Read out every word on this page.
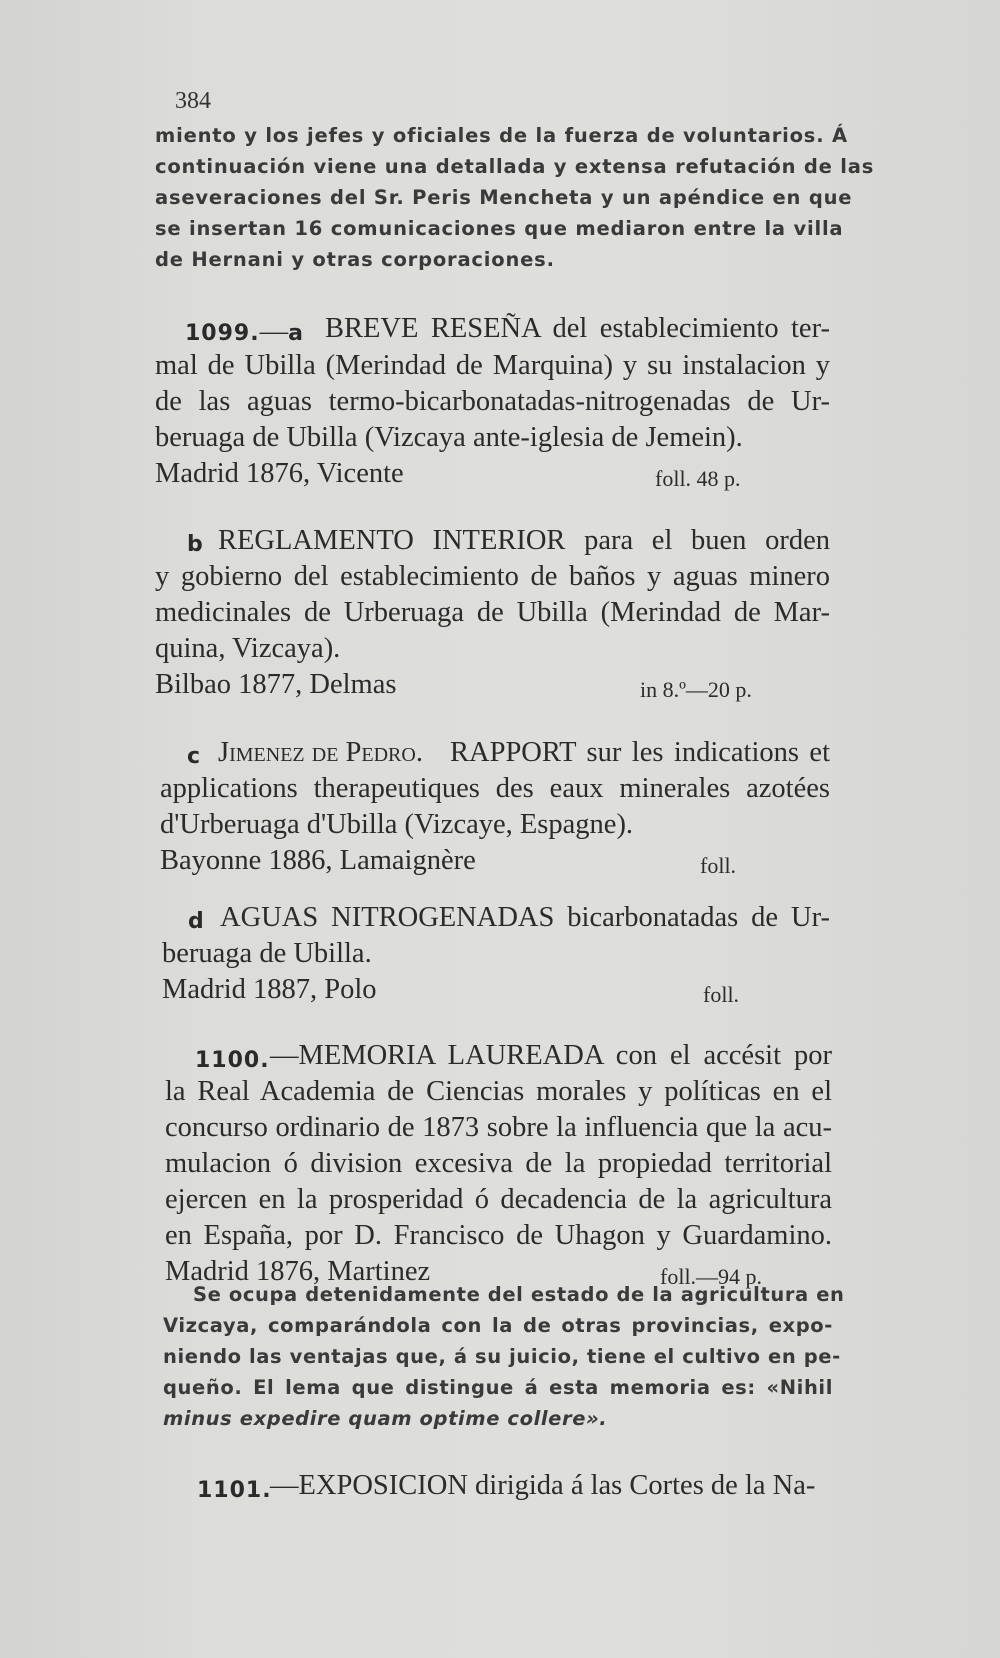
384
miento y los jefes y oficiales de la fuerza de voluntarios. Á
continuación viene una detallada y extensa refutación de las
aseveraciones del Sr. Peris Mencheta y un apéndice en que
se insertan 16 comunicaciones que mediaron entre la villa
de Hernani y otras corporaciones.
1099.—a BREVE RESEÑA del establecimiento ter-
mal de Ubilla (Merindad de Marquina) y su instalacion y
de las aguas termo-bicarbonatadas-nitrogenadas de Ur-
beruaga de Ubilla (Vizcaya ante-iglesia de Jemein).
Madrid 1876, Vicente	foll. 48 p.
b REGLAMENTO INTERIOR para el buen orden
y gobierno del establecimiento de baños y aguas minero
medicinales de Urberuaga de Ubilla (Merindad de Mar-
quina, Vizcaya).
Bilbao 1877, Delmas	in 8.º—20 p.
c Jimenez de Pedro. RAPPORT sur les indications et
applications therapeutiques des eaux minerales azotées
d'Urberuaga d'Ubilla (Vizcaye, Espagne).
Bayonne 1886, Lamaignère	foll.
d AGUAS NITROGENADAS bicarbonatadas de Ur-
beruaga de Ubilla.
Madrid 1887, Polo	foll.
1100. —MEMORIA LAUREADA con el accésit por
la Real Academia de Ciencias morales y políticas en el
concurso ordinario de 1873 sobre la influencia que la acu-
mulacion ó division excesiva de la propiedad territorial
ejercen en la prosperidad ó decadencia de la agricultura
en España, por D. Francisco de Uhagon y Guardamino.
Madrid 1876, Martinez	foll.—94 p.
Se ocupa detenidamente del estado de la agricultura en
Vizcaya, comparándola con la de otras provincias, expo-
niendo las ventajas que, á su juicio, tiene el cultivo en pe-
queño. El lema que distingue á esta memoria es: «Nihil
minus expedire quam optime collere».
1101.
—EXPOSICION dirigida á las Cortes de la Na-
